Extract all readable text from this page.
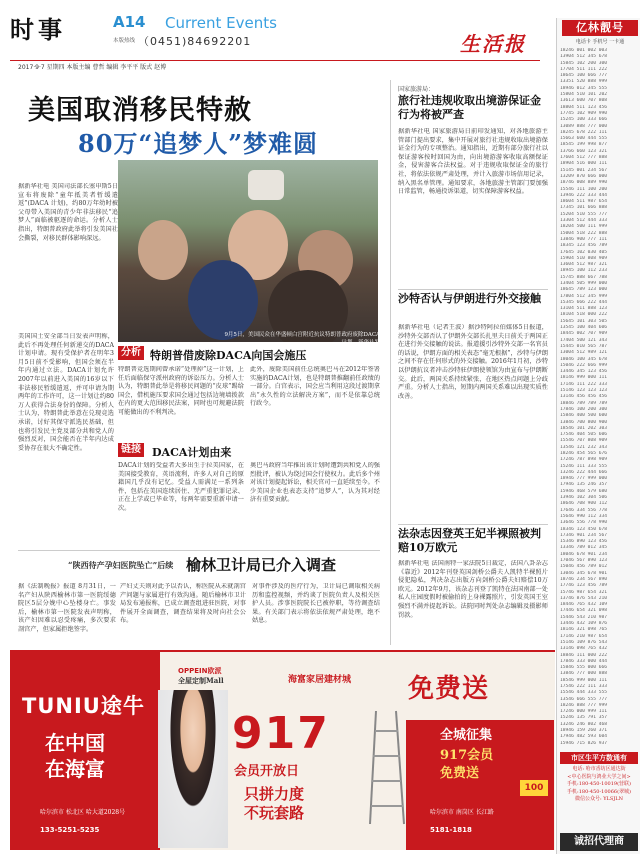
时事	A14 Current Events
本版热线 （0451)84692201	生活报
2017·9·7 星期四 本版主编 曹哲 编辑 李平平 版式 赵博
亿林靓号
电话卡 手机号 一卡通
18246 001 002 003
13904 512 345 678
15845 102 200 300
17704 511 111 222
18645 100 666 777
13351 520 888 999
18946 012 345 555
15804 510 101 202
13613 600 707 808
18804 511 123 456
17745 102 909 990
15245 100 333 666
13089 888 777 000
18245 678 222 111
15663 600 444 555
18545 199 998 877
13766 660 123 321
17604 512 777 888
18904 516 000 111
15145 001 234 567
13209 870 666 000
18746 008 889 990
15546 111 100 200
13946 222 333 444
18604 511 987 654
17345 101 666 888
15204 510 555 777
13304 512 444 333
18204 500 111 999
15004 518 222 888
13846 900 777 111
18345 123 456 789
17645 102 030 405
15904 510 808 909
13604 512 987 321
18945 100 112 233
15745 888 667 788
13404 505 999 000
18645 789 123 000
17804 512 345 999
15345 666 222 444
13104 511 888 123
18104 518 000 222
15645 101 303 505
13545 100 404 606
18445 002 707 909
17404 500 121 343
15445 010 565 787
13004 512 989 121
18046 100 345 678
15046 222 666 999
13446 345 123 456
18146 999 000 111
17146 111 222 333
15146 123 123 123
13146 456 456 456
18846 789 789 789
17846 100 200 300
15846 400 500 600
13846 700 800 900
18546 101 202 303
17546 404 505 606
15546 707 808 909
13546 121 232 343
18246 454 565 676
17246 787 898 909
15246 111 333 555
13246 222 444 666
18946 777 999 000
17946 135 246 357
15946 468 579 680
13946 102 304 506
18646 708 900 112
17646 334 556 778
15646 990 112 334
13646 556 778 990
18346 123 450 678
17346 901 234 567
15346 890 123 456
13346 789 012 345
18046 678 901 234
17046 567 890 123
15046 456 789 012
13046 345 678 901
18746 234 567 890
17746 123 456 789
15746 987 654 321
13746 876 543 210
18446 765 432 109
17446 654 321 098
15446 543 210 987
13446 432 109 876
18146 321 098 765
17146 210 987 654
15146 109 876 543
13146 098 765 432
18846 111 000 222
17846 333 000 444
15846 555 000 666
13846 777 000 888
18546 999 000 111
17546 222 111 333
15546 444 333 555
13546 666 555 777
18246 888 777 999
17246 000 999 111
15246 135 791 357
13246 246 802 468
18946 159 260 371
17946 482 593 604
15946 715 826 937
市区生平方数通有
电话: 哈市香坊区通达街
<中心医院与鸿业大学之间>
手机:180-450-10019(营联)
手机:180-450-10066(翠城)
微信公众号: YLSJLN
诚招代理商
美国取消移民特赦
80万“追梦人”梦难圆
据新华社电 美国司法部长塞申斯5日宣布将废除“童年抵美者暂缓遣返”(DACA 计划)，约80万年幼时被父母带入美国的青少年非法移民“追梦人”面临被驱逐的命运。分析人士指出，特朗普政府此举将引发美国社会撕裂，对移民群体影响深远。
美国国土安全部当日发表声明称，此后不再处理任何新递交的DACA计划申请。现有受保护者在明年3月5日前不受影响，但国会须在半年内通过立法。DACA计划允许2007年以前进入美国的16岁以下非法移民暂缓遣返，并可申请为期两年的工作许可，这一计划让约80万人获得合法身份的保障。分析人士认为，特朗普此举意在兑现竞选承诺，讨好其保守派选民基础，但也将引发民主党及部分共和党人的强烈反对，国会能否在半年内达成妥协存在很大不确定性。
9月5日，美国民众在华盛顿白宫附近抗议特朗普政府废除DACA计划。新华社发
分析 特朗普借废除DACA向国会施压
特朗普竞选期间曾承诺“处理掉”这一计划，上任后面临保守派州政府的诉讼压力。分析人士认为，特朗普此举是将移民问题的“皮球”踢给国会，借机施压要求国会通过包括边境墙拨款在内的更大范围移民法案，同时也可规避法院可能做出的不利判决。
此外，废除美国前任总统奥巴马在2012年签署实施的DACA计划，也是特朗普推翻前任政绩的一部分。白宫表示，国会应当利用这段过渡期拿出“永久性的立法解决方案”，而不是依靠总统行政令。
链接 DACA计划由来
DACA计划的受益者大多出生于拉美国家，在美国接受教育，英语流利，许多人对自己的原籍国几乎没有记忆。受益人需满足一系列条件，包括在美国连续居住、无严重犯罪记录、正在上学或已毕业等，每两年需要重新申请一次。
奥巴马政府当年推出该计划时遭到共和党人的强烈批评，被认为绕过国会行使权力。此后多个州对该计划提起诉讼，相关官司一直延续至今。不少美国企业也表态支持“追梦人”，认为其对经济有重要贡献。
“陕西待产孕妇医院坠亡”后续 榆林卫计局已介入调查
据《法制晚报》报道 8月31日，一名产妇从陕西榆林市第一医院绥德院区5层分娩中心坠楼身亡。事发后，榆林市第一医院发表声明称，该产妇因难以忍受疼痛，多次要求剖宫产，但家属拒绝签字。
产妇丈夫则对此予以否认，称医院从未就剖宫产问题与家属进行有效沟通。随后榆林市卫计局发布通报称，已成立调查组进驻医院，对事件展开全面调查，调查结果将及时向社会公布。
对事件涉及的医疗行为，卫计局已调取相关病历和监控视频，并约谈了医院负责人及相关医护人员。涉事医院院长已被停职，等待调查结果。有关部门表示将依法依规严肃处理，绝不姑息。
国家旅游局：
旅行社违规收取出境游保证金行为将被严查
据新华社电 国家旅游局日前印发通知，对各地旅游主管部门提出要求，集中开展对旅行社违规收取出境游保证金行为的专项整治。通知指出，近期有部分旅行社以保证游客按时回国为由，向出境游游客收取高额保证金，侵害游客合法权益。对于违规收取保证金的旅行社，将依法依规严肃处理，并计入旅游市场信用记录，纳入黑名单管理。通知要求，各地旅游主管部门要加强日常监管，畅通投诉渠道，切实保障游客权益。
沙特否认与伊朗进行外交接触
据新华社电（记者王波）据沙特阿拉伯媒体5日报道，沙特外交部否认了伊朗外交部长扎里夫日前关于两国正在进行外交接触的说法。报道援引沙特外交部一名官员的话说，伊朗方面的相关表态“毫无根据”，沙特与伊朗之间不存在任何形式的外交接触。2016年1月初，沙特以伊朗抗议者冲击沙特驻伊朗使领馆为由宣布与伊朗断交。此后，两国关系持续紧张，在地区热点问题上分歧严重。分析人士指出，短期内两国关系难以出现实质性改善。
法杂志因登英王妃半裸照被判赔10万欧元
据新华社电 法国南特一家法院5日裁定，法国八卦杂志《靠近》2012年刊登英国剑桥公爵夫人凯特半裸照片侵犯隐私，判决杂志出版方向剑桥公爵夫妇赔偿10万欧元。2012年9月，该杂志刊登了凯特在法国南部一处私人庄园度假时被偷拍的上身裸露照片，引发英国王室强烈不满并提起诉讼。法院同时判处杂志编辑及摄影师罚款。
TUNIU途牛
在中国
在海富
哈尔滨市 松北区 哈大道2028号
133-5251-5235
OPPEIN欧派
全屋定制Mall	海富家居建材城
917
会员开放日
只拼力度
不玩套路
免费送
全城征集
917会员
免费送
100
哈尔滨市 南岗区 长江路
5181-1818
